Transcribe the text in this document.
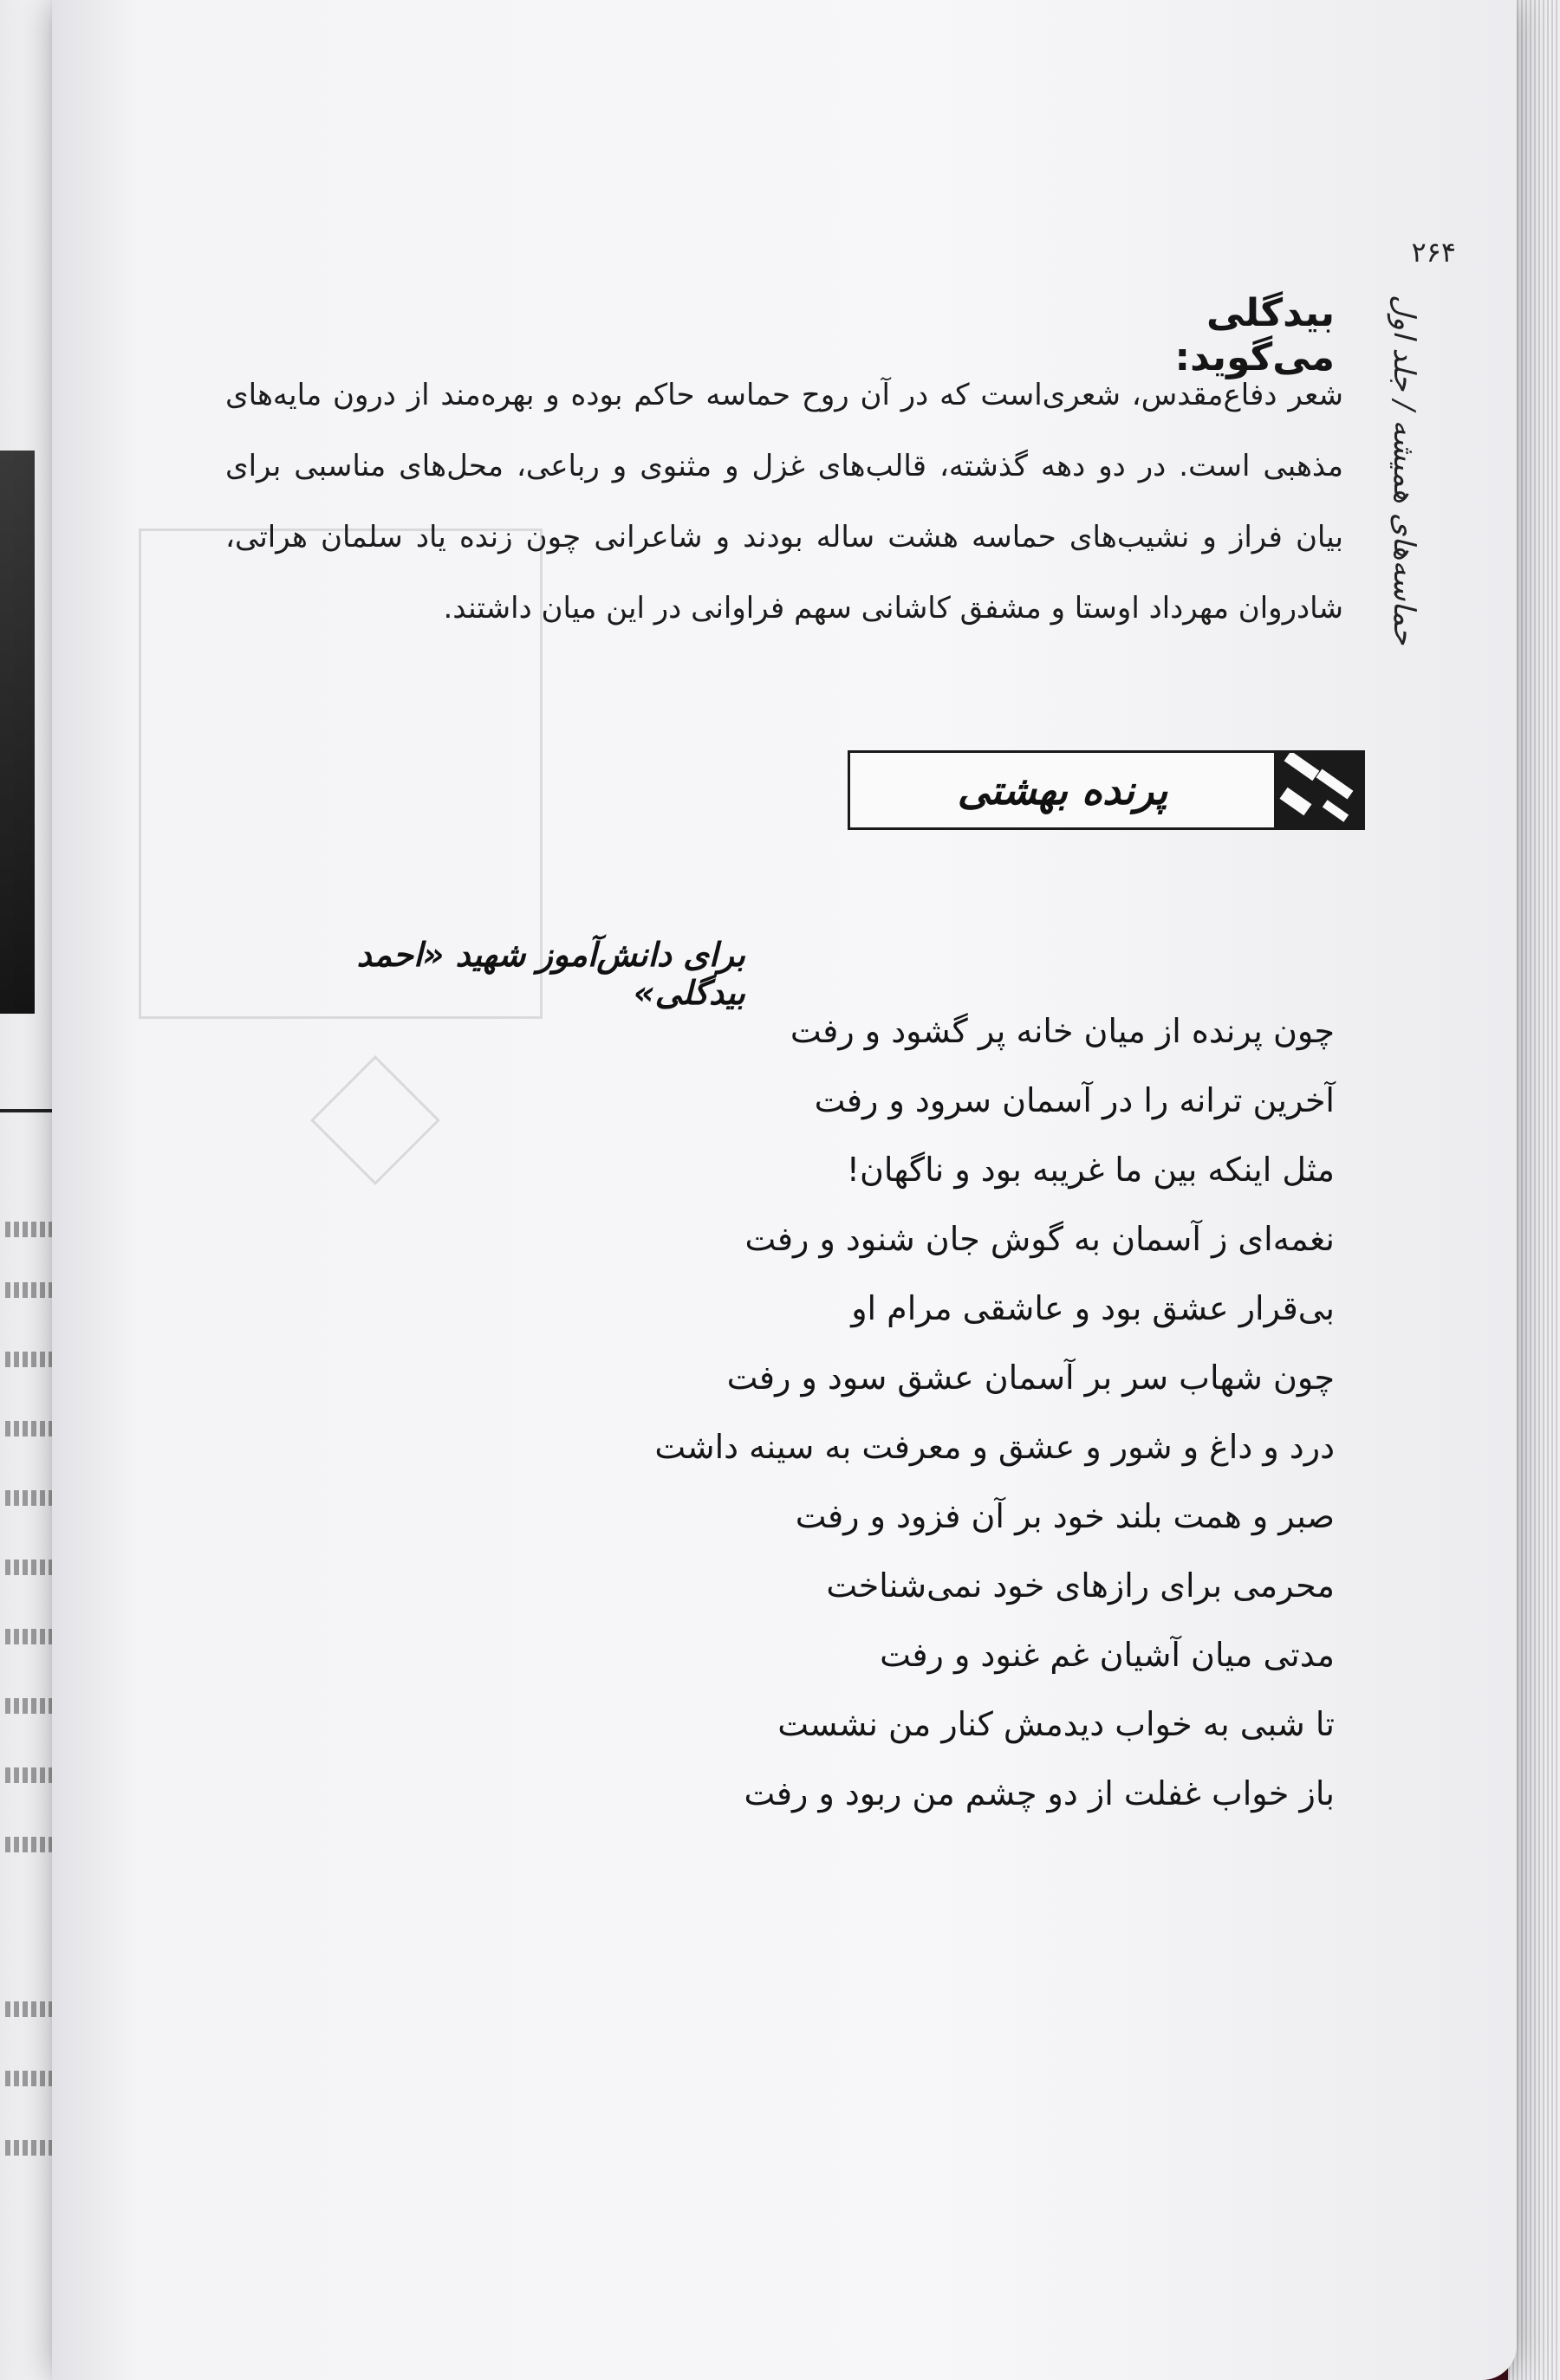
۲۶۴
حماسه‌های همیشه / جلد اول
بیدگلی می‌گوید:
شعر دفاع‌مقدس، شعری‌است که در آن روح حماسه حاکم بوده و بهره‌مند از درون مایه‌های مذهبی است. در دو دهه گذشته، قالب‌های غزل و مثنوی و رباعی، محل‌های مناسبی برای بیان فراز و نشیب‌های حماسه هشت ساله بودند و شاعرانی چون زنده یاد سلمان هراتی، شادروان مهرداد اوستا و مشفق کاشانی سهم فراوانی در این میان داشتند.
پرنده بهشتی
برای دانش‌آموز شهید «احمد بیدگلی»
چون پرنده از میان خانه پر گشود و رفت
آخرین ترانه را در آسمان سرود و رفت
مثل اینکه بین ما غریبه بود و ناگهان!
نغمه‌ای ز آسمان به گوش جان شنود و رفت
بی‌قرار عشق بود و عاشقی مرام او
چون شهاب سر بر آسمان عشق سود و رفت
درد و داغ و شور و عشق و معرفت به سینه داشت
صبر و همت بلند خود بر آن فزود و رفت
محرمی برای رازهای خود نمی‌شناخت
مدتی میان آشیان غم غنود و رفت
تا شبی به خواب دیدمش کنار من نشست
باز خواب غفلت از دو چشم من ربود و رفت
